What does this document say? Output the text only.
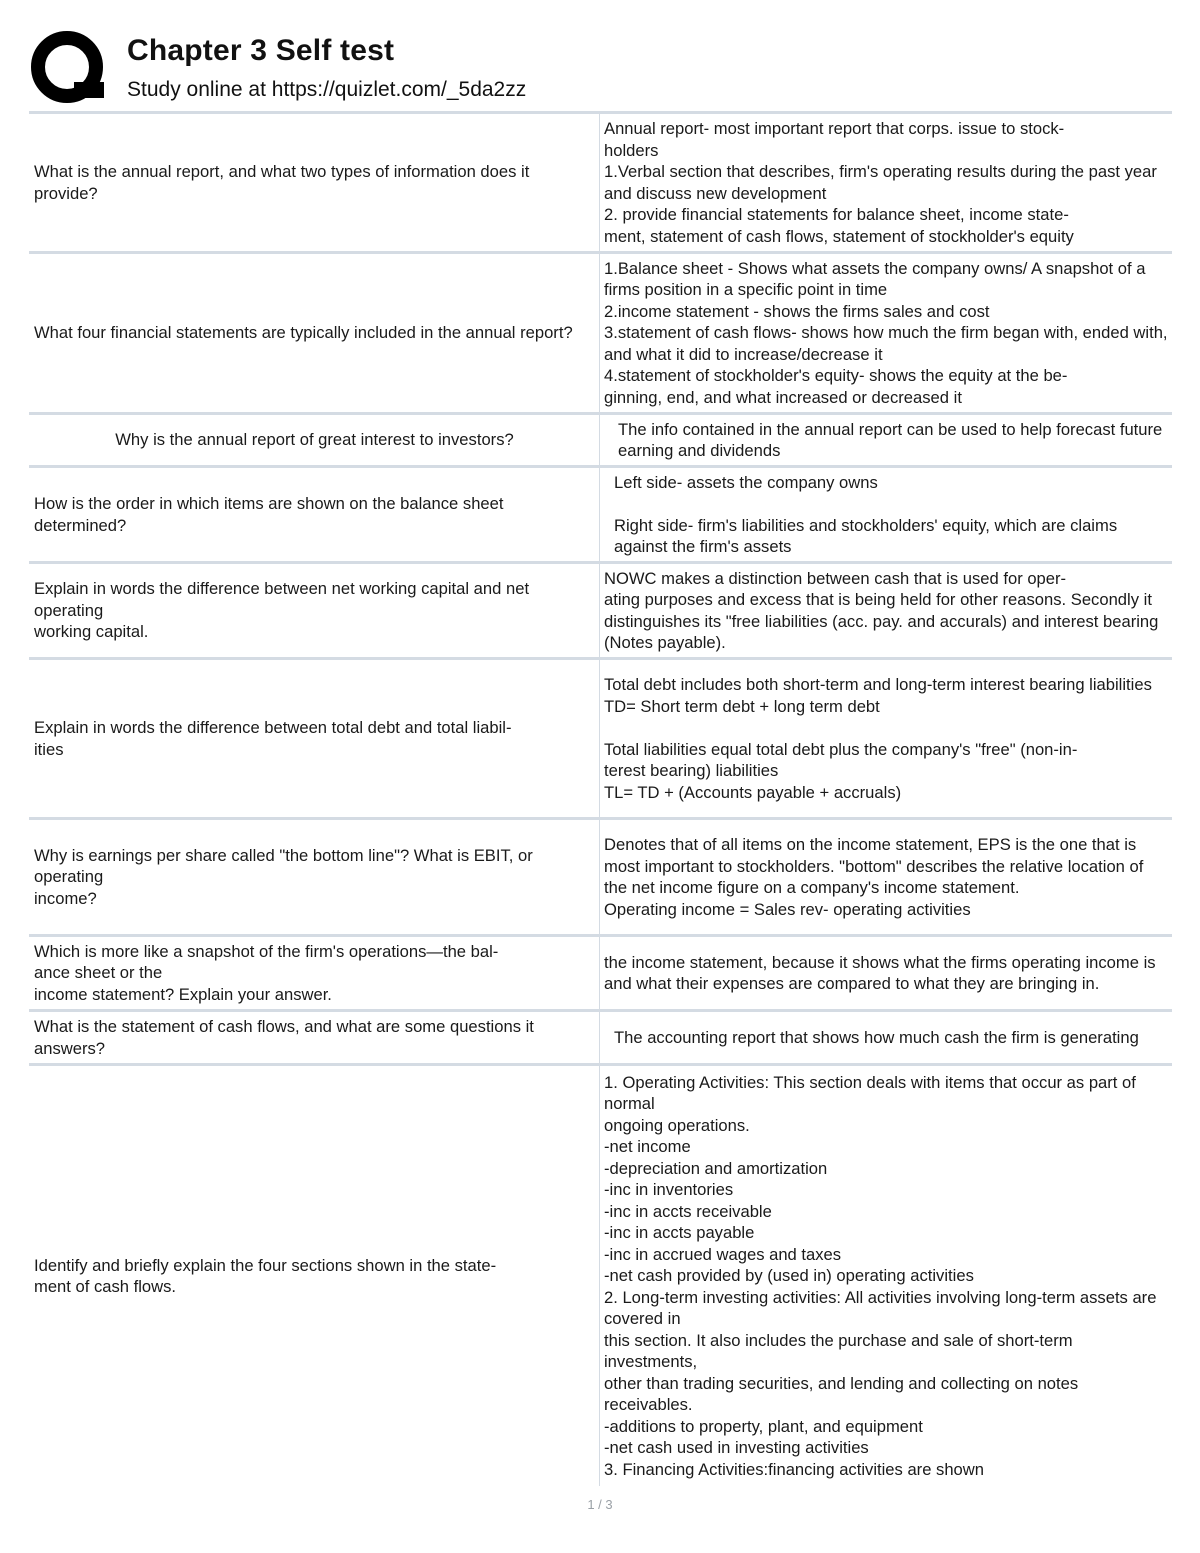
Chapter 3 Self test
Study online at https://quizlet.com/_5da2zz
What is the annual report, and what two types of information does it provide?
Annual report- most important report that corps. issue to stock-
holders
1.Verbal section that describes, firm's operating results during the past year and discuss new development
2. provide financial statements for balance sheet, income state-
ment, statement of cash flows, statement of stockholder's equity
What four financial statements are typically included in the annual report?
1.Balance sheet - Shows what assets the company owns/ A snapshot of a firms position in a specific point in time
2.income statement - shows the firms sales and cost
3.statement of cash flows- shows how much the firm began with, ended with, and what it did to increase/decrease it
4.statement of stockholder's equity- shows the equity at the be-
ginning, end, and what increased or decreased it
Why is the annual report of great interest to investors?
The info contained in the annual report can be used to help forecast future earning and dividends
How is the order in which items are shown on the balance sheet determined?
Left side- assets the company owns

Right side- firm's liabilities and stockholders' equity, which are claims against the firm's assets
Explain in words the difference between net working capital and net operating
working capital.
NOWC makes a distinction between cash that is used for oper-
ating purposes and excess that is being held for other reasons. Secondly it distinguishes its "free liabilities (acc. pay. and accurals) and interest bearing (Notes payable).
Explain in words the difference between total debt and total liabil-
ities
Total debt includes both short-term and long-term interest bearing liabilities
TD= Short term debt + long term debt

Total liabilities equal total debt plus the company's "free" (non-in-
terest bearing) liabilities
TL= TD + (Accounts payable + accruals)
Why is earnings per share called "the bottom line"? What is EBIT, or operating
income?
Denotes that of all items on the income statement, EPS is the one that is most important to stockholders. "bottom" describes the relative location of the net income figure on a company's income statement.
Operating income = Sales rev- operating activities
Which is more like a snapshot of the firm's operations—the bal-
ance sheet or the
income statement? Explain your answer.
the income statement, because it shows what the firms operating income is and what their expenses are compared to what they are bringing in.
What is the statement of cash flows, and what are some questions it answers?
The accounting report that shows how much cash the firm is generating
Identify and briefly explain the four sections shown in the state-
ment of cash flows.
1. Operating Activities: This section deals with items that occur as part of normal
ongoing operations.
-net income
-depreciation and amortization
-inc in inventories
-inc in accts receivable
-inc in accts payable
-inc in accrued wages and taxes
-net cash provided by (used in) operating activities
2. Long-term investing activities: All activities involving long-term assets are covered in
this section. It also includes the purchase and sale of short-term investments,
other than trading securities, and lending and collecting on notes receivables.
-additions to property, plant, and equipment
-net cash used in investing activities
3. Financing Activities:financing activities are shown
1 / 3
